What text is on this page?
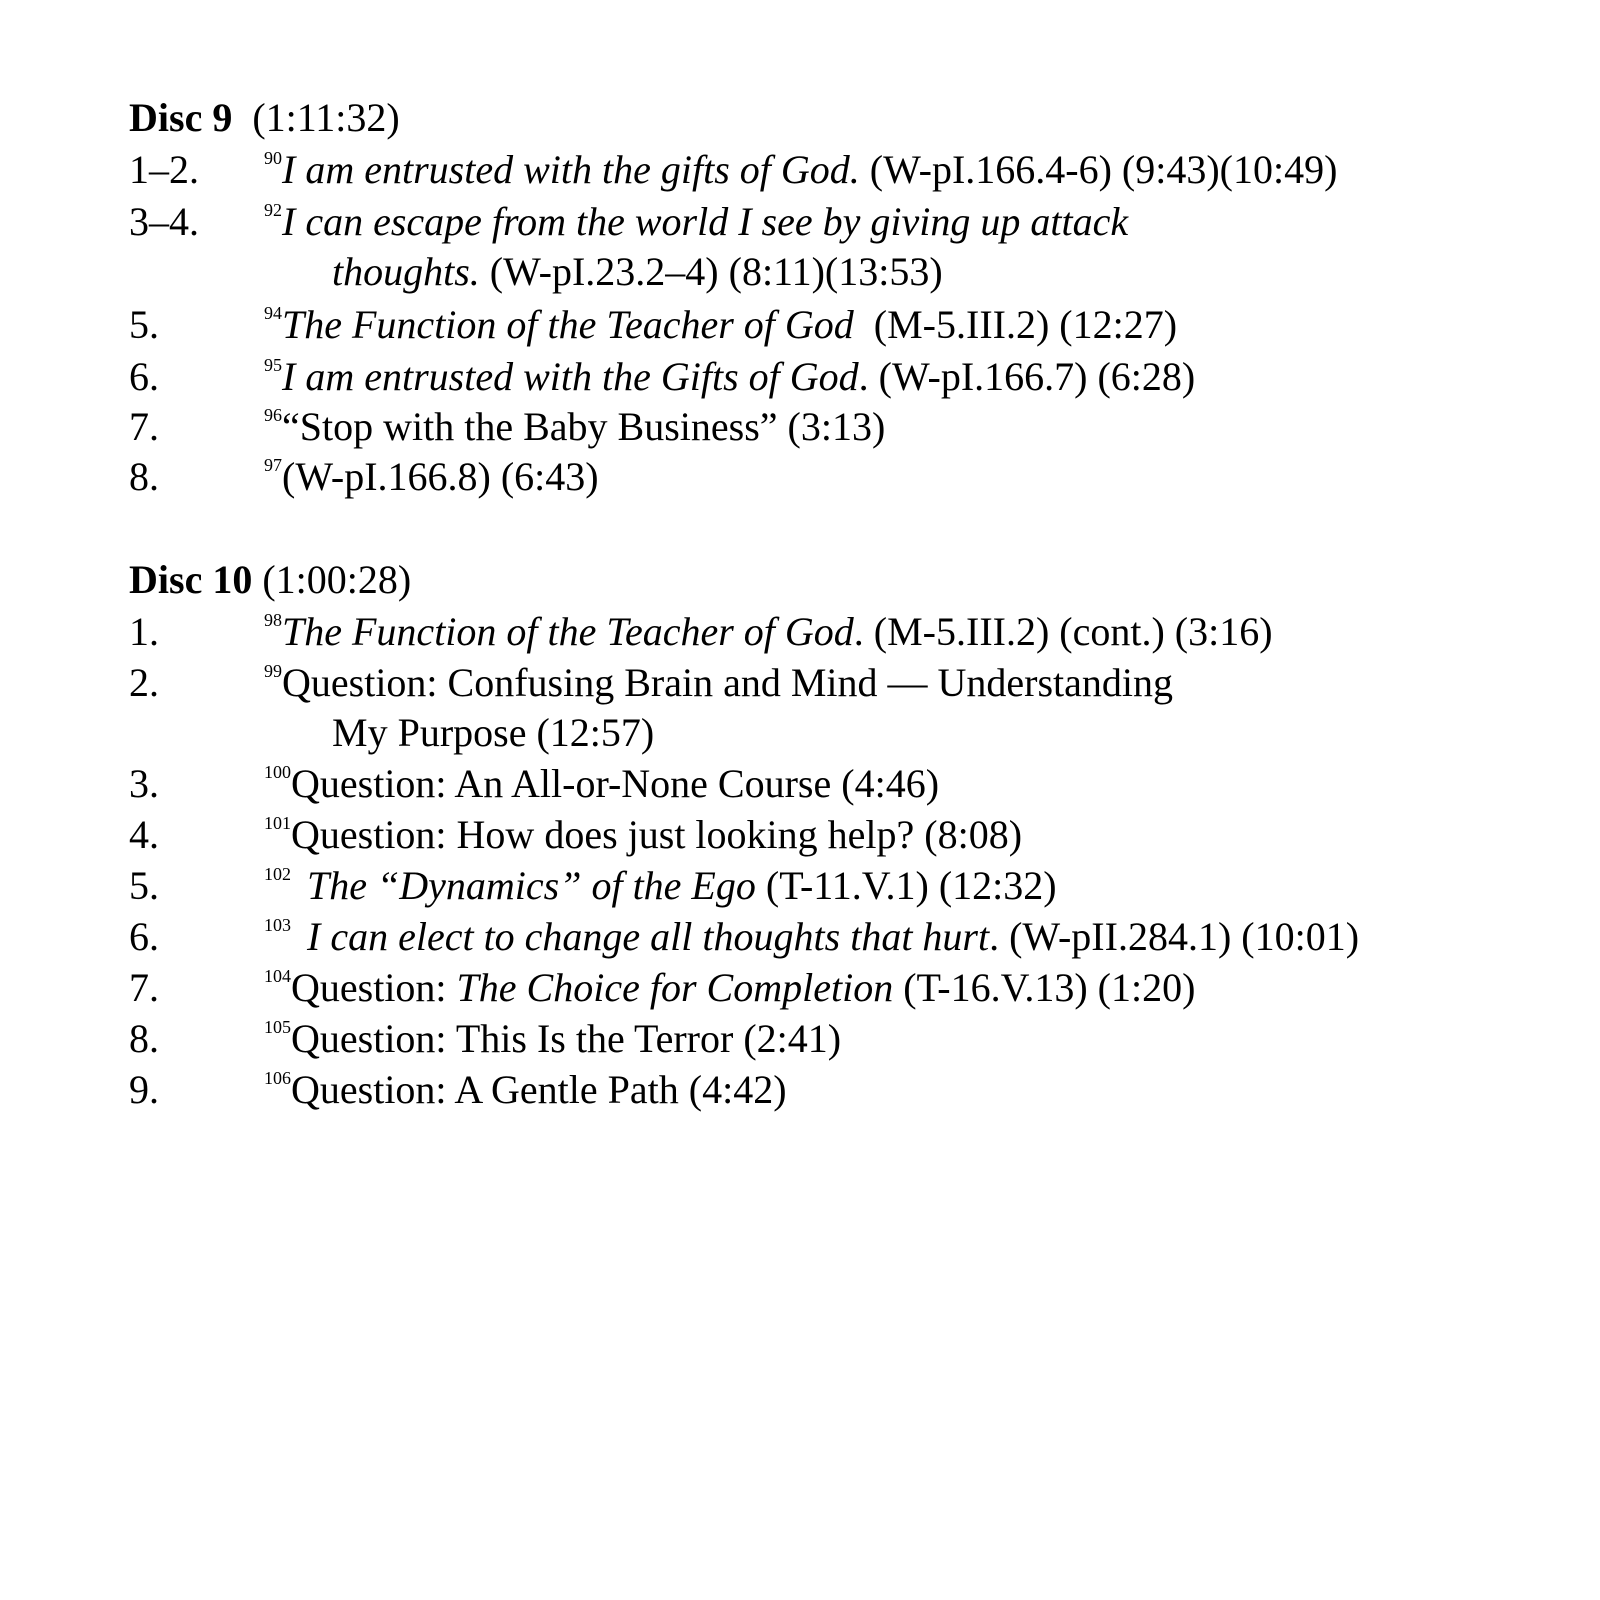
Disc 9 (1:11:32)
1–2.	$^{90}$I am entrusted with the gifts of God. (W-pI.166.4-6) (9:43)(10:49)
3–4.	$^{92}$I can escape from the world I see by giving up attack
thoughts. (W-pI.23.2–4) (8:11)(13:53)
5.	$^{94}$The Function of the Teacher of God  (M-5.III.2) (12:27)
6.	$^{95}$I am entrusted with the Gifts of God. (W-pI.166.7) (6:28)
7.	$^{96}$“Stop with the Baby Business” (3:13)
8.	$^{97}$(W-pI.166.8) (6:43)
Disc 10 (1:00:28)
1.	$^{98}$The Function of the Teacher of God. (M-5.III.2) (cont.) (3:16)
2.	$^{99}$Question: Confusing Brain and Mind — Understanding
My Purpose (12:57)
3.	$^{100}$Question: An All-or-None Course (4:46)
4.	$^{101}$Question: How does just looking help? (8:08)
5.	$^{102}$ The “Dynamics” of the Ego (T-11.V.1) (12:32)
6.	$^{103}$ I can elect to change all thoughts that hurt. (W-pII.284.1) (10:01)
7.	$^{104}$Question: The Choice for Completion (T-16.V.13) (1:20)
8.	$^{105}$Question: This Is the Terror (2:41)
9.	$^{106}$Question: A Gentle Path (4:42)
